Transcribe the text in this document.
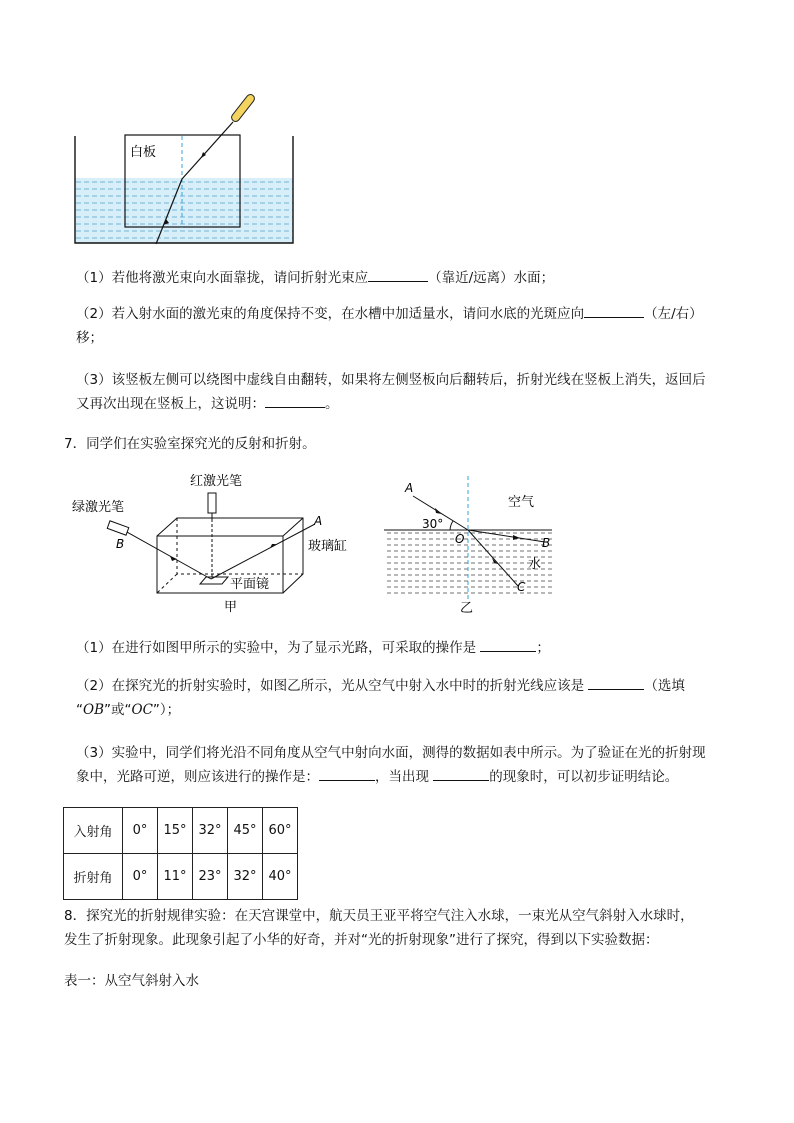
白板
（1）若他将激光束向水面靠拢，请问折射光束应	（靠近/远离）水面；
（2）若入射水面的激光束的角度保持不变，在水槽中加适量水，请问水底的光斑应向	（左/右）
移；
（3）该竖板左侧可以绕图中虚线自由翻转，如果将左侧竖板向后翻转后，折射光线在竖板上消失，返回后
又再次出现在竖板上，这说明：	。
7．同学们在实验室探究光的反射和折射。
红激光笔
绿激光笔
B
A
玻璃缸
平面镜
甲
A
空气
30°
O	B
水
C
乙
（1）在进行如图甲所示的实验中，为了显示光路，可采取的操作是	；
（2）在探究光的折射实验时，如图乙所示，光从空气中射入水中时的折射光线应该是	（选填
“OB”或“OC”）；
（3）实验中，同学们将光沿不同角度从空气中射向水面，测得的数据如表中所示。为了验证在光的折射现
象中，光路可逆，则应该进行的操作是：	，当出现	的现象时，可以初步证明结论。
入射角	0°	15°	32°	45°	60°
折射角	0°	11°	23°	32°	40°
8．探究光的折射规律实验：在天宫课堂中，航天员王亚平将空气注入水球，一束光从空气斜射入水球时，
发生了折射现象。此现象引起了小华的好奇，并对“光的折射现象”进行了探究，得到以下实验数据：
表一：从空气斜射入水
